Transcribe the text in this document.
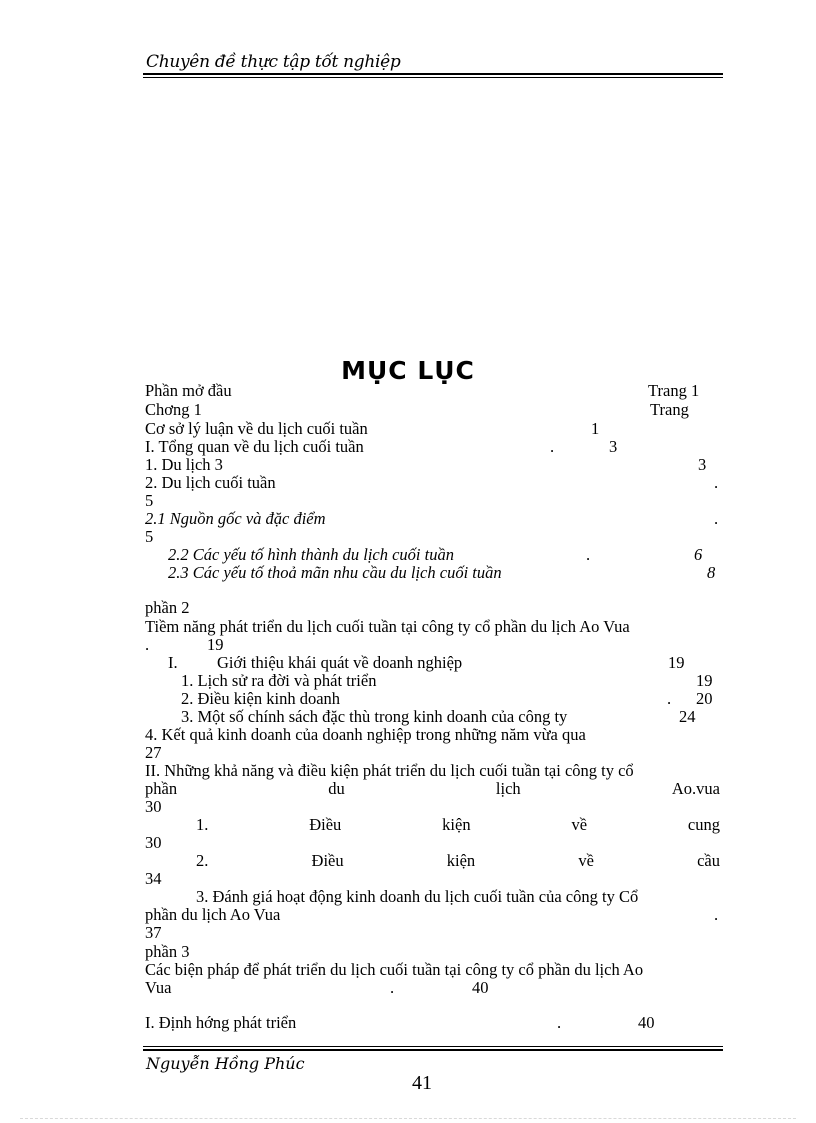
Chuyên đề thực tập tốt nghiệp
MỤC LỤC
Phần mở đầu	Trang 1
Chơng 1	Trang
Cơ sở lý luận về du lịch cuối tuần	1
I. Tổng quan về du lịch cuối tuần	.	3
1. Du lịch 3	3
2. Du lịch cuối tuần	.
5
2.1 Nguồn gốc và đặc điểm	.
5
2.2 Các yếu tố hình thành du lịch cuối tuần	.	6
2.3 Các yếu tố thoả mãn nhu cầu du lịch cuối tuần	8
phần 2
Tiềm năng phát triển du lịch cuối tuần tại công ty cổ phần du lịch Ao Vua
.	19
I. Giới thiệu khái quát về doanh nghiệp	19
1. Lịch sử ra đời và phát triển	19
2. Điều kiện kinh doanh	. 20
3. Một số chính sách đặc thù trong kinh doanh của công ty	24
4. Kết quả kinh doanh của doanh nghiệp trong những năm vừa qua
27
II. Những khả năng và điều kiện phát triển du lịch cuối tuần tại công ty cổ
phần	du	lịch	Ao.vua
30
1.	Điều	kiện	về	cung
30
2.	Điều	kiện	về	cầu
34
3. Đánh giá hoạt động kinh doanh du lịch cuối tuần của công ty Cổ
phần du lịch Ao Vua	.
37
phần 3
Các biện pháp để phát triển du lịch cuối tuần tại công ty cổ phần du lịch Ao
Vua	.	40
I. Định hớng phát triển	.	40
Nguyễn Hồng Phúc
41
